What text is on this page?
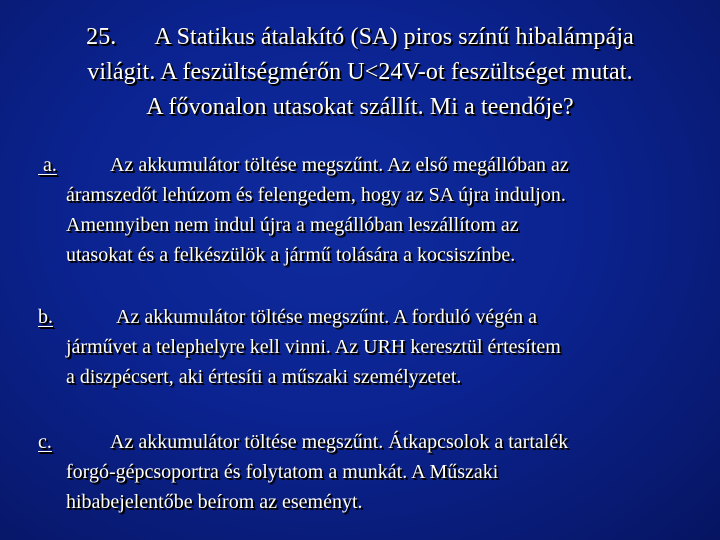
25. A Statikus átalakító (SA) piros színű hibalámpája
világit. A feszültségmérőn U<24V-ot feszültséget mutat.
A fővonalon utasokat szállít. Mi a teendője?
a.	Az akkumulátor töltése megszűnt. Az első megállóban az
áramszedőt lehúzom és felengedem, hogy az SA újra induljon.
Amennyiben nem indul újra a megállóban leszállítom az
utasokat és a felkészülök a jármű tolására a kocsiszínbe.
b.	Az akkumulátor töltése megszűnt. A forduló végén a
járművet a telephelyre kell vinni. Az URH keresztül értesítem
a diszpécsert, aki értesíti a műszaki személyzetet.
c.	Az akkumulátor töltése megszűnt. Átkapcsolok a tartalék
forgó-gépcsoportra és folytatom a munkát. A Műszaki
hibabejelentőbe beírom az eseményt.
